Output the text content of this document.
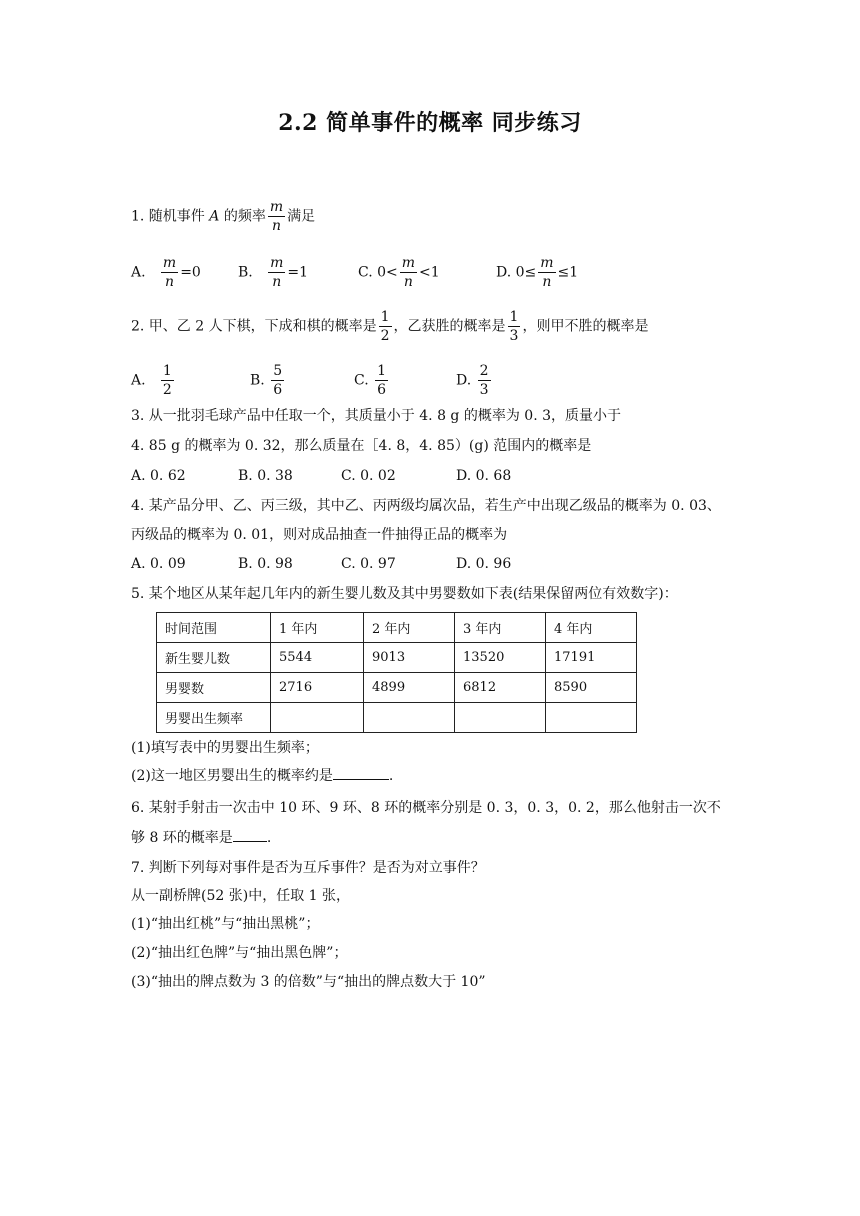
2.2 简单事件的概率 同步练习
1. 随机事件 A 的频率 $\frac{m}{n}$ 满足
A. $\frac{m}{n} =0$	B. $\frac{m}{n} =1$	C. $0< \frac{m}{n} <1$	D. $0\le \frac{m}{n} \le 1$
2. 甲、乙 2 人下棋，下成和棋的概率是 $\frac{1}{2}$ ，乙获胜的概率是 $\frac{1}{3}$ ，则甲不胜的概率是
A. $\frac{1}{2}$	B. $\frac{5}{6}$	C. $\frac{1}{6}$	D. $\frac{2}{3}$
3. 从一批羽毛球产品中任取一个，其质量小于 4. 8 g 的概率为 0. 3，质量小于
4. 85 g 的概率为 0. 32，那么质量在［4. 8，4. 85）(g) 范围内的概率是
A. 0. 62	B. 0. 38	C. 0. 02	D. 0. 68
4. 某产品分甲、乙、丙三级，其中乙、丙两级均属次品，若生产中出现乙级品的概率为 0. 03、
丙级品的概率为 0. 01，则对成品抽查一件抽得正品的概率为
A. 0. 09	B. 0. 98	C. 0. 97	D. 0. 96
5. 某个地区从某年起几年内的新生婴儿数及其中男婴数如下表(结果保留两位有效数字)：
时间范围	1 年内	2 年内	3 年内	4 年内
新生婴儿数	5544	9013	13520	17191
男婴数	2716	4899	6812	8590
男婴出生频率				
(1)填写表中的男婴出生频率；
(2)这一地区男婴出生的概率约是	.
6. 某射手射击一次击中 10 环、9 环、8 环的概率分别是 0. 3，0. 3，0. 2，那么他射击一次不
够 8 环的概率是 .
7. 判断下列每对事件是否为互斥事件？是否为对立事件？
从一副桥牌(52 张)中，任取 1 张，
(1)“抽出红桃”与“抽出黑桃”；
(2)“抽出红色牌”与“抽出黑色牌”；
(3)“抽出的牌点数为 3 的倍数”与“抽出的牌点数大于 10”
